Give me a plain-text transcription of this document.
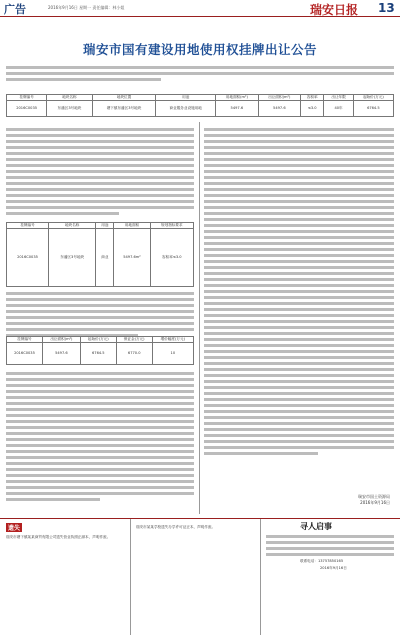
广告	2016年9月16日 星期一 责任编辑：林小姐	瑞安日报 13
瑞安市国有建设用地使用权挂牌出让公告
挂牌编号	地块名称	地块位置	用途	用地面积(m²)	出让面积(m²)	容积率	出让年限	起始价(万元)
2016C0035	东潘区3号地块	塘下镇东潘区3号地块	商业服务业设施用地	5497.6	5497.6	≤3.0	40年	6764.5
挂牌编号	地块名称	用途	用地面积	规划指标要求
2016C0035	东潘区3号地块	商业	5497.6m²	容积率≤3.0
挂牌编号	出让面积(m²)	起始价(万元)	保证金(万元)	增价幅度(万元)
2016C0035	5497.6	6764.5	6770.0	10
瑞安市国土资源局
2016年9月16日
遗失
瑞安市塘下镇某某商贸有限公司遗失营业执照正副本，声明作废。
瑞安市某某学校遗失办学许可证正本，声明作废。	寻人启事
联系电话：13757850165
2016年9月16日
